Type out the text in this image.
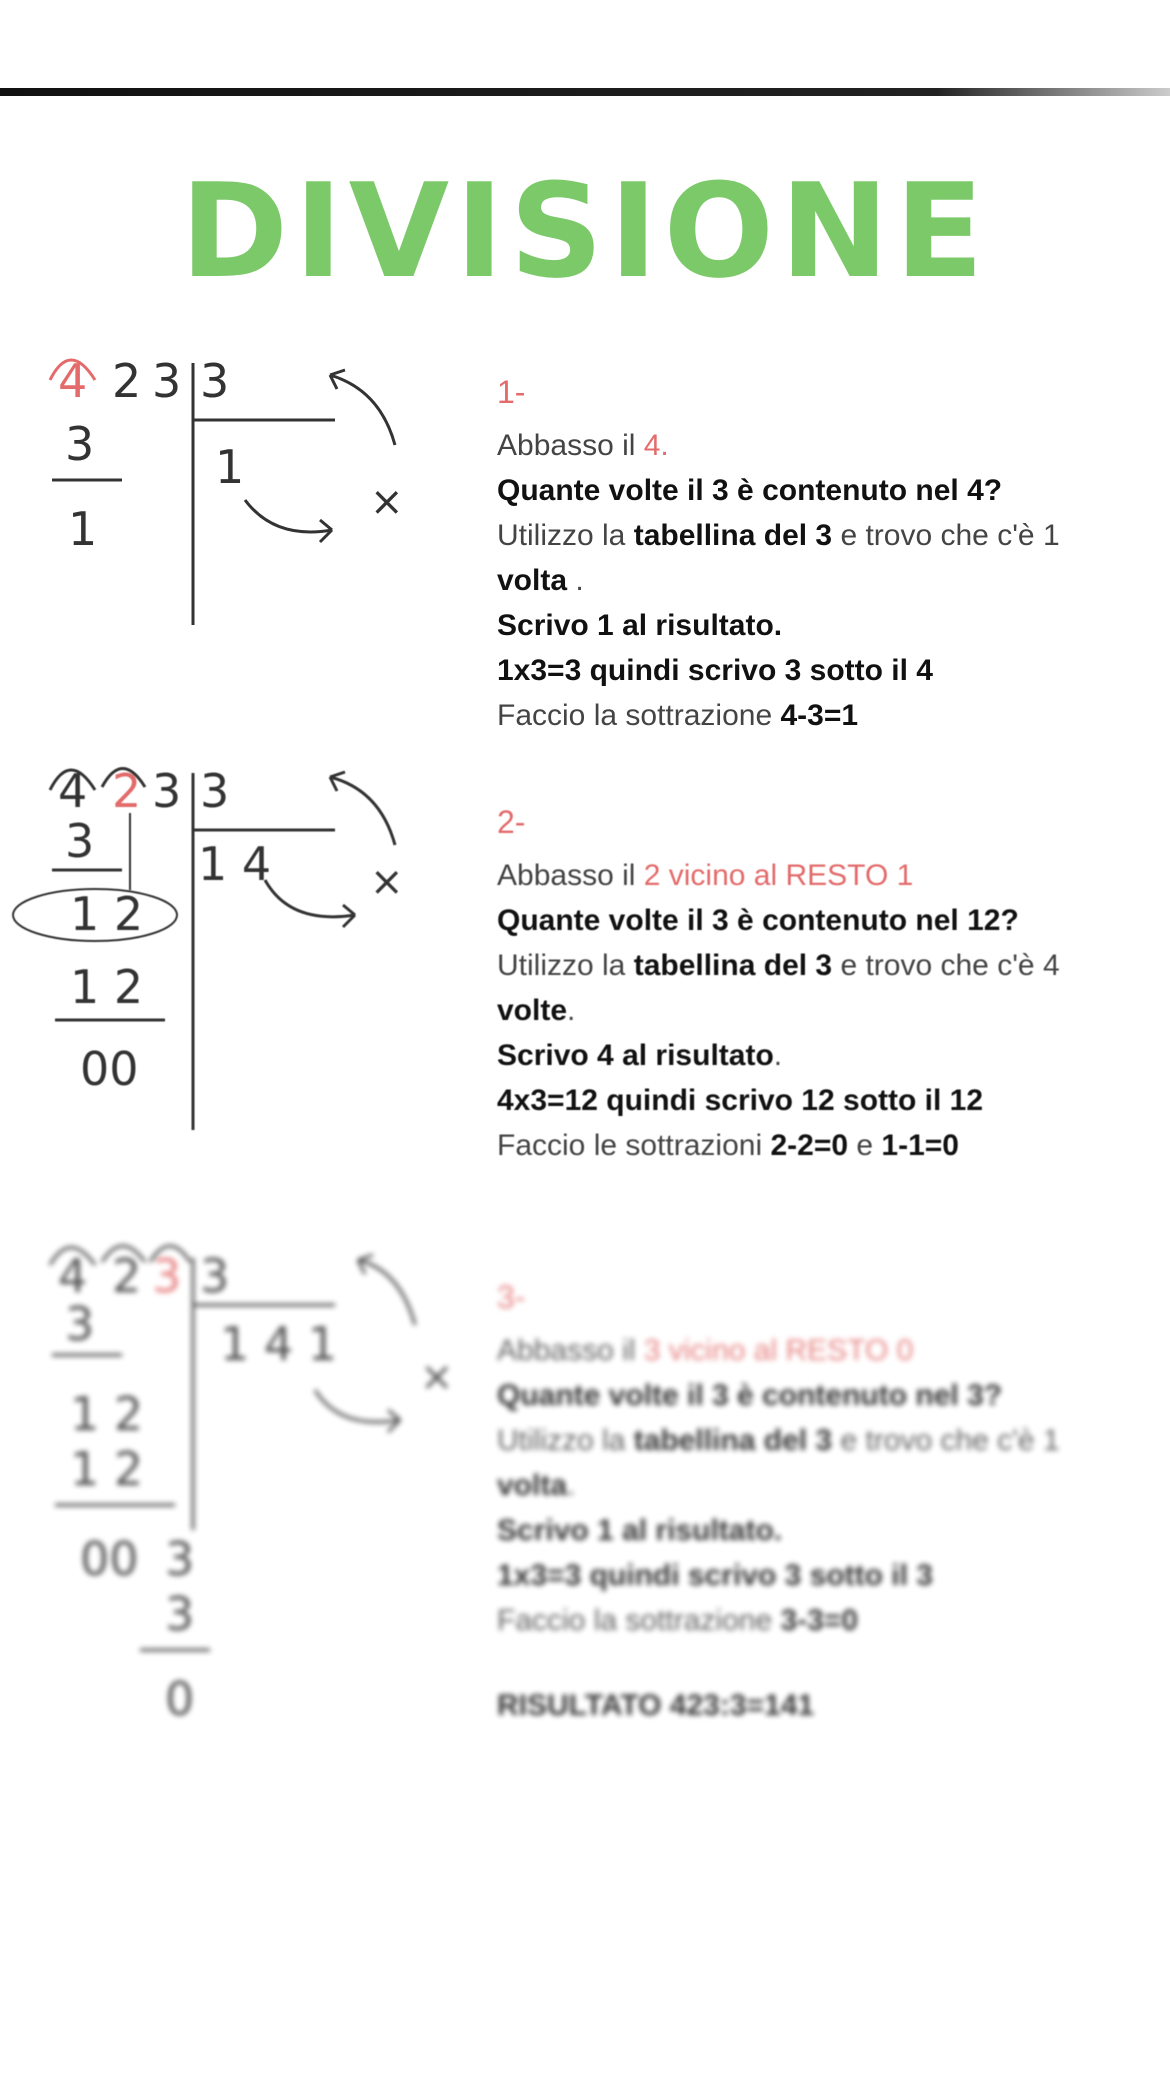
DIVISIONE
4 2 3 3
1
3
1	×
1-

Abbasso il 4.

Quante volte il 3 è contenuto nel 4?

Utilizzo la tabellina del 3 e trovo che c'è 1

volta .

Scrivo 1 al risultato.

1x3=3 quindi scrivo 3 sotto il 4

Faccio la sottrazione 4-3=1

4 2 3 3
1 4
3
1 2
1 2
00
×
2-

Abbasso il 2 vicino al RESTO 1

Quante volte il 3 è contenuto nel 12?

Utilizzo la tabellina del 3 e trovo che c'è 4

volte.

Scrivo 4 al risultato.

4x3=12 quindi scrivo 12 sotto il 12

Faccio le sottrazioni 2-2=0 e 1-1=0

4 2 3 3
1 4 1
3
1 2
1 2
00 3
3
0
×
3-

Abbasso il 3 vicino al RESTO 0

Quante volte il 3 è contenuto nel 3?

Utilizzo la tabellina del 3 e trovo che c'è 1

volta.

Scrivo 1 al risultato.

1x3=3 quindi scrivo 3 sotto il 3

Faccio la sottrazione 3-3=0

RISULTATO 423:3=141
